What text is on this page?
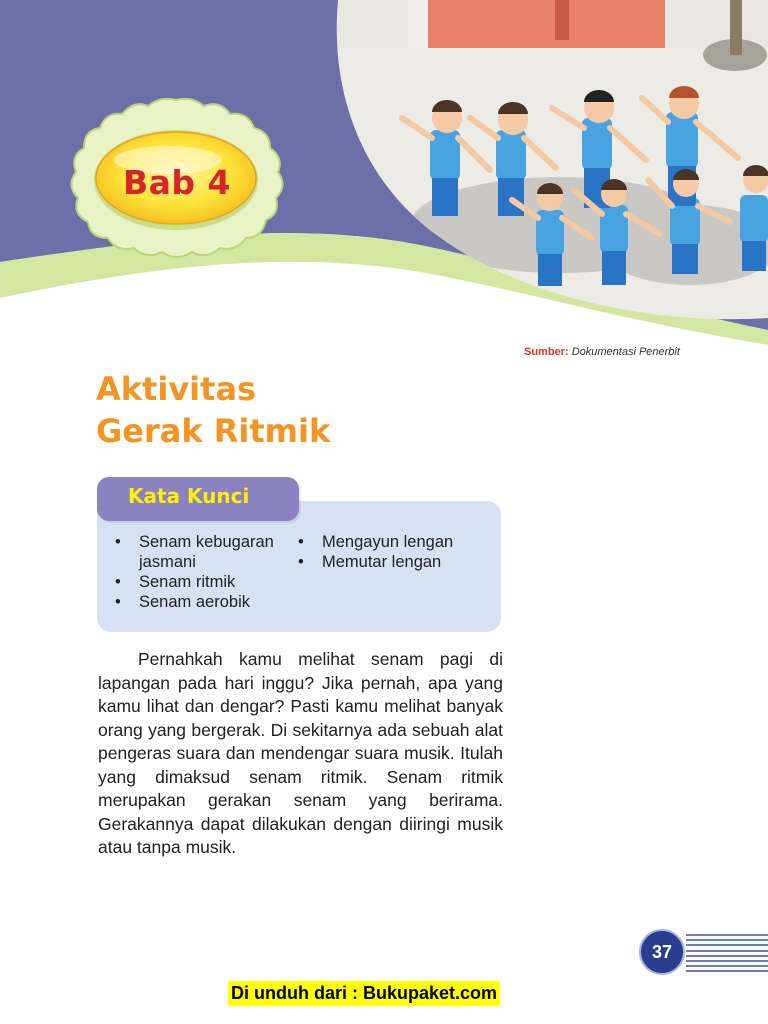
Bab 4
Sumber: Dokumentasi Penerbit
Aktivitas
Gerak Ritmik
Kata Kunci
• Senam kebugaran jasmani
• Senam ritmik
• Senam aerobik
• Mengayun lengan
• Memutar lengan

Pernahkah kamu melihat senam pagi di lapangan pada hari inggu? Jika pernah, apa yang kamu lihat dan dengar? Pasti kamu melihat banyak orang yang bergerak. Di sekitarnya ada sebuah alat pengeras suara dan mendengar suara musik. Itulah yang dimaksud senam ritmik. Senam ritmik merupakan gerakan senam yang berirama. Gerakannya dapat dilakukan dengan diiringi musik atau tanpa musik.

37
Di unduh dari : Bukupaket.com
